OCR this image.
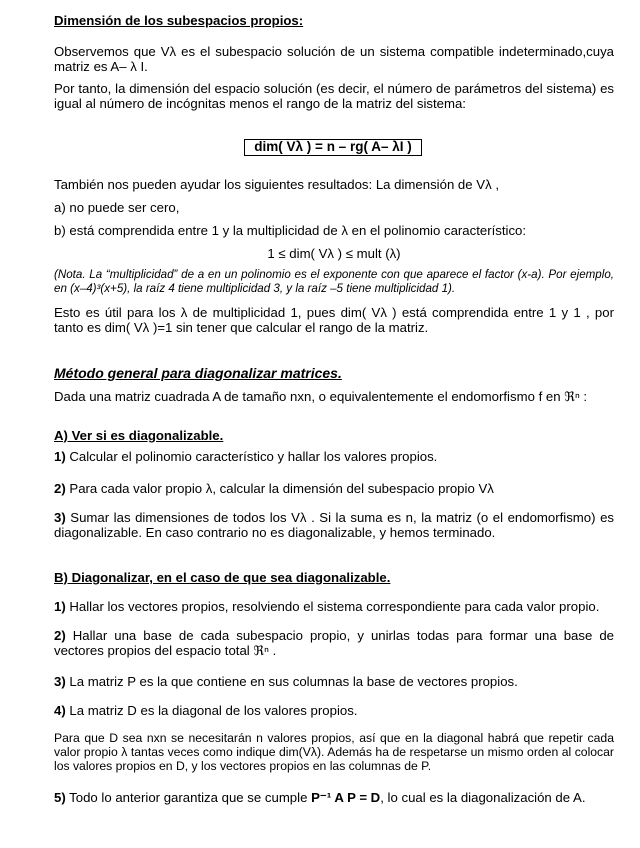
Dimensión de los subespacios propios:
Observemos que Vλ es el subespacio solución de un sistema compatible indeterminado,cuya matriz es A– λ I.
Por tanto, la dimensión del espacio solución (es decir, el número de parámetros del sistema) es igual al número de incógnitas menos el rango de la matriz del sistema:
dim( Vλ ) = n – rg( A– λI )
También nos pueden ayudar los siguientes resultados: La dimensión de Vλ ,
a) no puede ser cero,
b) está comprendida entre 1 y la multiplicidad de λ en el polinomio característico:
1 ≤ dim( Vλ ) ≤ mult (λ)
(Nota. La “multiplicidad” de a en un polinomio es el exponente con que aparece el factor (x-a). Por ejemplo, en (x–4)³(x+5), la raíz 4 tiene multiplicidad 3, y la raíz –5 tiene multiplicidad 1).
Esto es útil para los λ de multiplicidad 1, pues dim( Vλ ) está comprendida entre 1 y 1 , por tanto es dim( Vλ )=1 sin tener que calcular el rango de la matriz.
Método general para diagonalizar matrices.
Dada una matriz cuadrada A de tamaño nxn, o equivalentemente el endomorfismo f en ℜⁿ :
A) Ver si es diagonalizable.
1) Calcular el polinomio característico y hallar los valores propios.
2) Para cada valor propio λ, calcular la dimensión del subespacio propio Vλ
3) Sumar las dimensiones de todos los Vλ . Si la suma es n, la matriz (o el endomorfismo) es diagonalizable. En caso contrario no es diagonalizable, y hemos terminado.
B) Diagonalizar, en el caso de que sea diagonalizable.
1) Hallar los vectores propios, resolviendo el sistema correspondiente para cada valor propio.
2) Hallar una base de cada subespacio propio, y unirlas todas para formar una base de vectores propios del espacio total ℜⁿ .
3) La matriz P es la que contiene en sus columnas la base de vectores propios.
4) La matriz D es la diagonal de los valores propios.
Para que D sea nxn se necesitarán n valores propios, así que en la diagonal habrá que repetir cada valor propio λ tantas veces como indique dim(Vλ). Además ha de respetarse un mismo orden al colocar los valores propios en D, y los vectores propios en las columnas de P.
5) Todo lo anterior garantiza que se cumple P⁻¹ A P = D, lo cual es la diagonalización de A.
